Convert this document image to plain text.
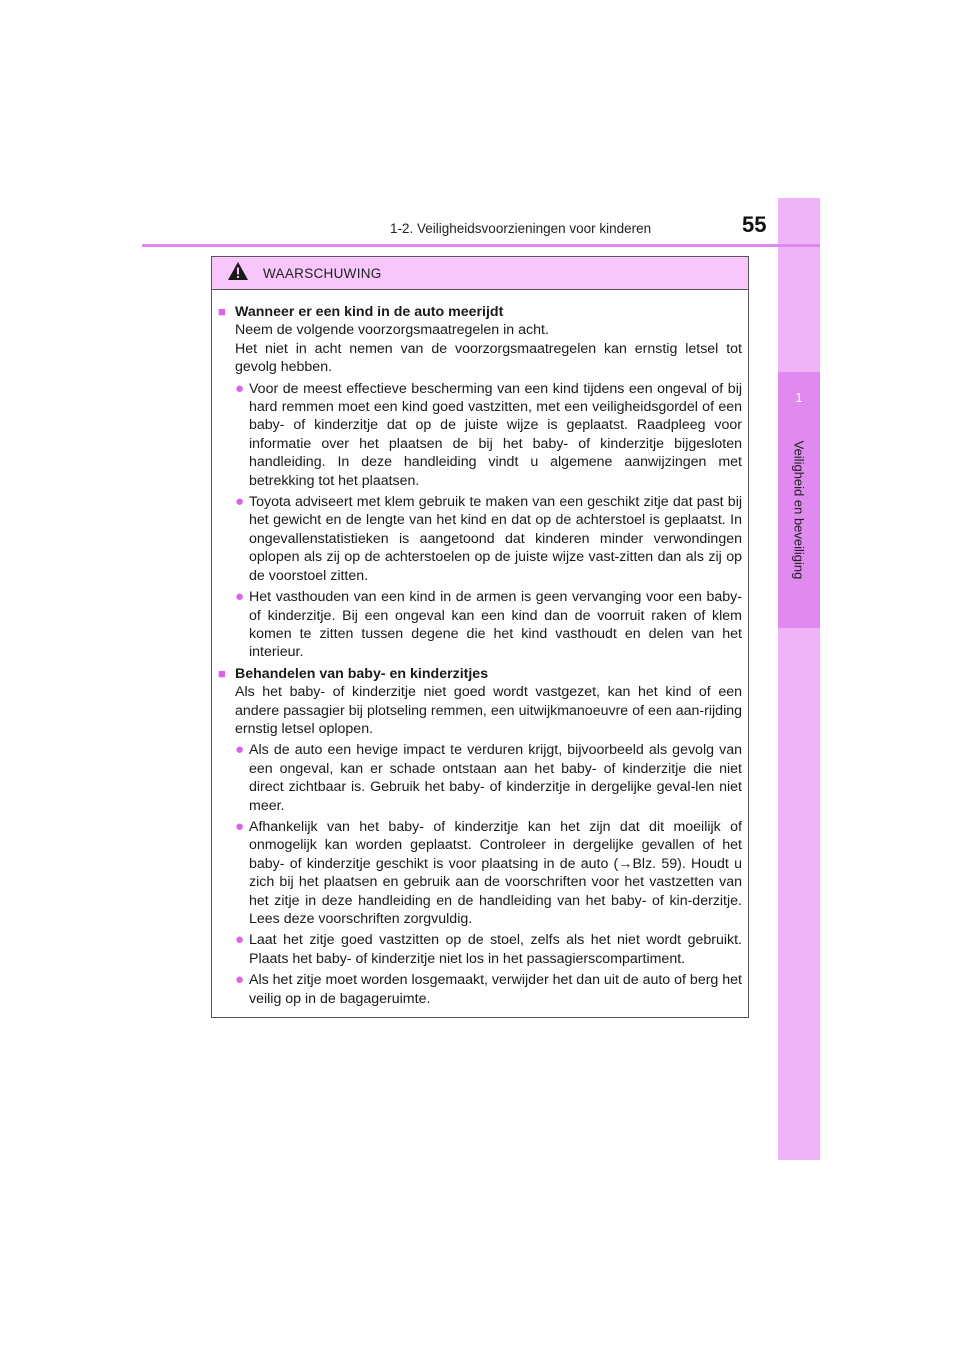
1
Veiligheid en beveiliging
1-2. Veiligheidsvoorzieningen voor kinderen	55
WAARSCHUWING
■ Wanneer er een kind in de auto meerijdt
Neem de volgende voorzorgsmaatregelen in acht.
Het niet in acht nemen van de voorzorgsmaatregelen kan ernstig letsel tot gevolg hebben.
● Voor de meest effectieve bescherming van een kind tijdens een ongeval of bij hard remmen moet een kind goed vastzitten, met een veiligheidsgordel of een baby- of kinderzitje dat op de juiste wijze is geplaatst. Raadpleeg voor informatie over het plaatsen de bij het baby- of kinderzitje bijgesloten handleiding. In deze handleiding vindt u algemene aanwijzingen met betrekking tot het plaatsen.
● Toyota adviseert met klem gebruik te maken van een geschikt zitje dat past bij het gewicht en de lengte van het kind en dat op de achterstoel is geplaatst. In ongevallenstatistieken is aangetoond dat kinderen minder verwondingen oplopen als zij op de achterstoelen op de juiste wijze vast-zitten dan als zij op de voorstoel zitten.
● Het vasthouden van een kind in de armen is geen vervanging voor een baby- of kinderzitje. Bij een ongeval kan een kind dan de voorruit raken of klem komen te zitten tussen degene die het kind vasthoudt en delen van het interieur.
■ Behandelen van baby- en kinderzitjes
Als het baby- of kinderzitje niet goed wordt vastgezet, kan het kind of een andere passagier bij plotseling remmen, een uitwijkmanoeuvre of een aan-rijding ernstig letsel oplopen.
● Als de auto een hevige impact te verduren krijgt, bijvoorbeeld als gevolg van een ongeval, kan er schade ontstaan aan het baby- of kinderzitje die niet direct zichtbaar is. Gebruik het baby- of kinderzitje in dergelijke geval-len niet meer.
● Afhankelijk van het baby- of kinderzitje kan het zijn dat dit moeilijk of onmogelijk kan worden geplaatst. Controleer in dergelijke gevallen of het baby- of kinderzitje geschikt is voor plaatsing in de auto (→Blz. 59). Houdt u zich bij het plaatsen en gebruik aan de voorschriften voor het vastzetten van het zitje in deze handleiding en de handleiding van het baby- of kin-derzitje. Lees deze voorschriften zorgvuldig.
● Laat het zitje goed vastzitten op de stoel, zelfs als het niet wordt gebruikt. Plaats het baby- of kinderzitje niet los in het passagierscompartiment.
● Als het zitje moet worden losgemaakt, verwijder het dan uit de auto of berg het veilig op in de bagageruimte.
